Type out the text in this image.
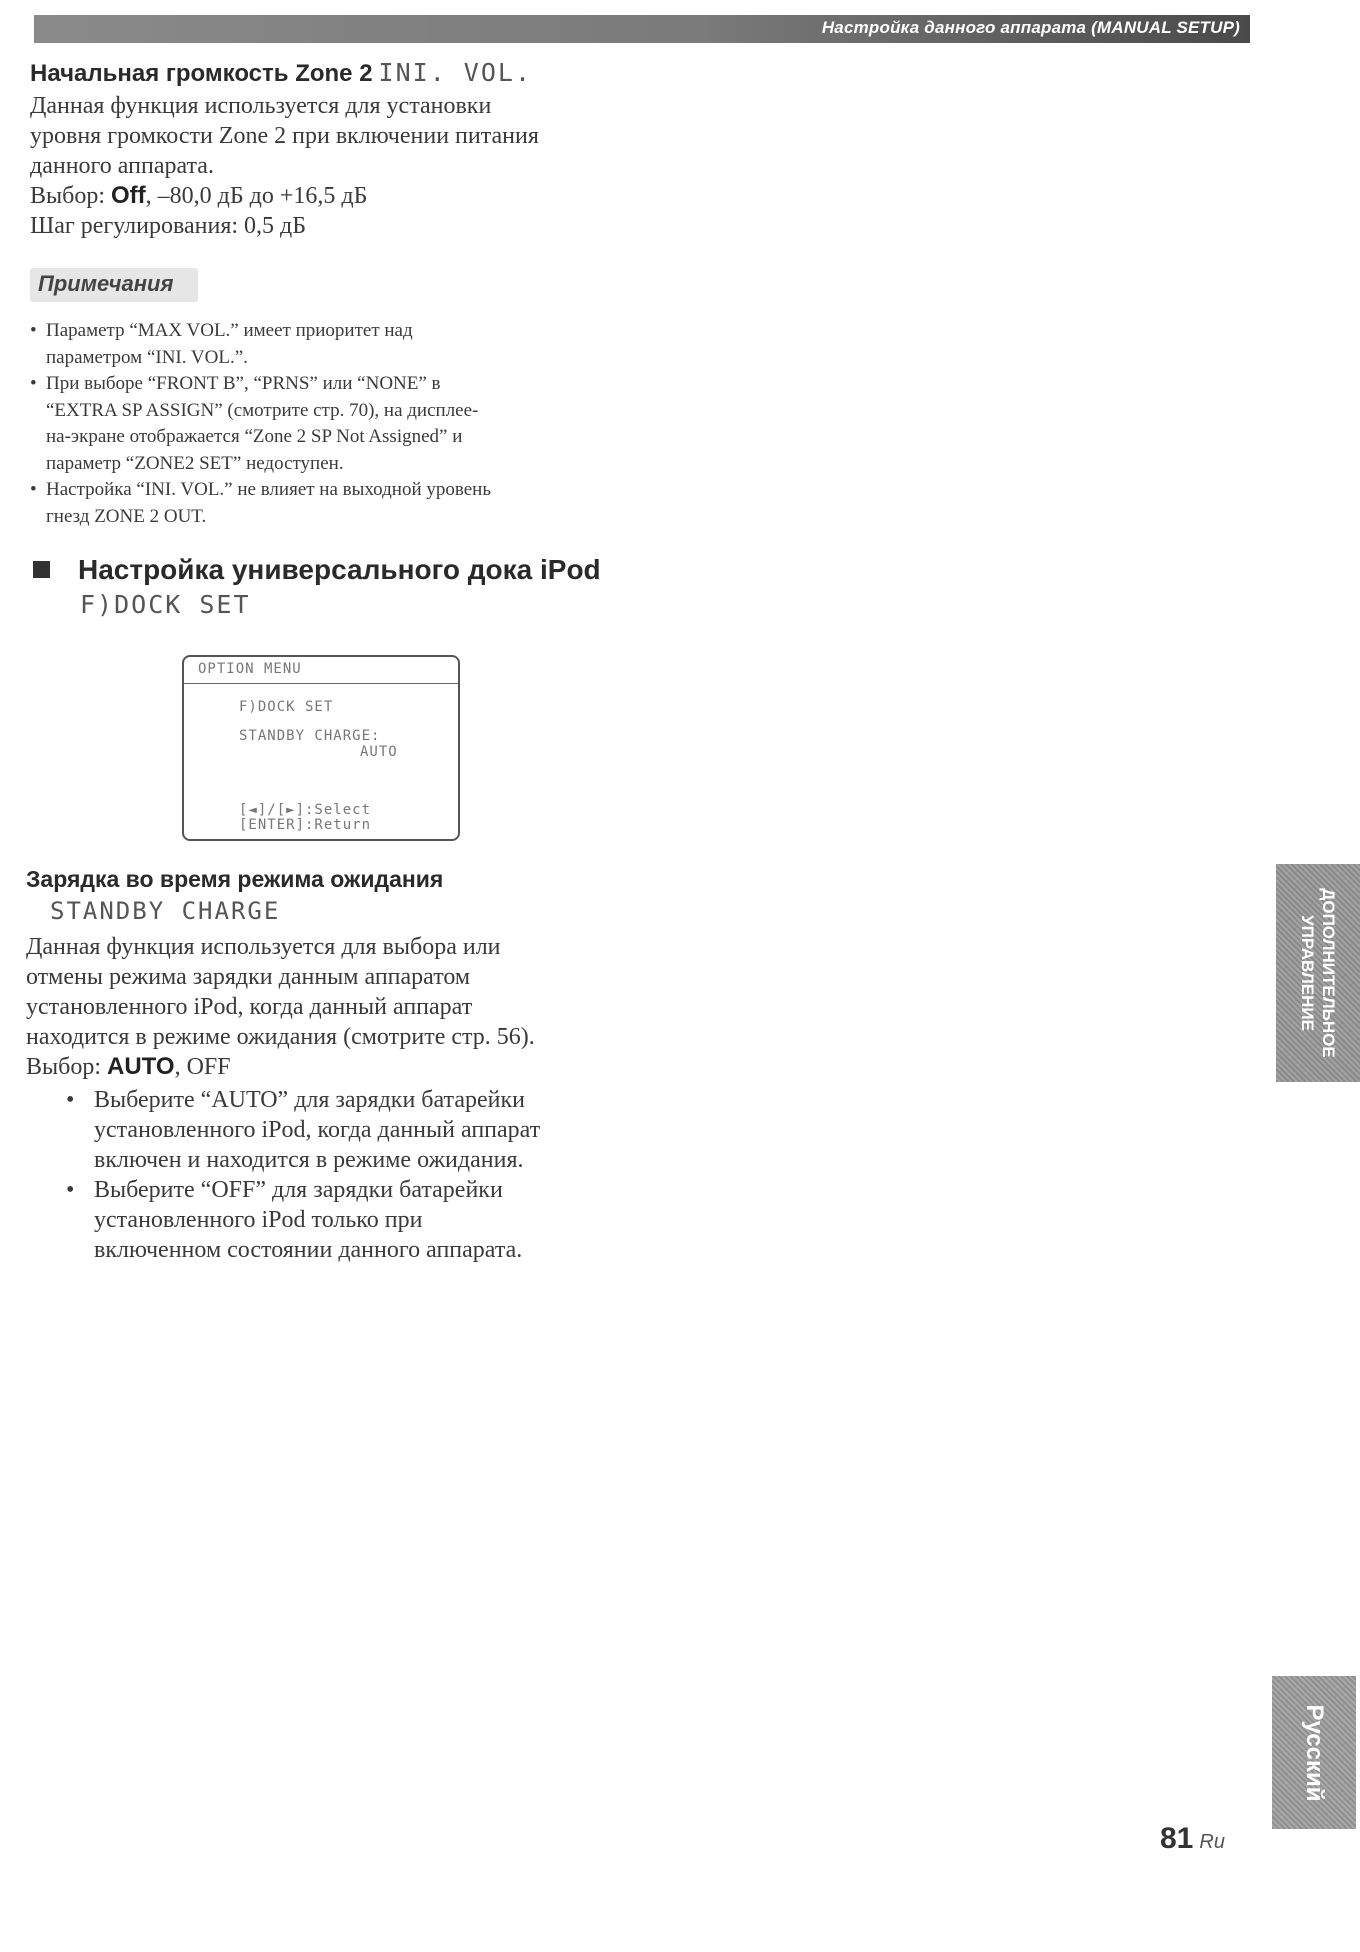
Настройка данного аппарата (MANUAL SETUP)
Начальная громкость Zone 2 INI. VOL.

Данная функция используется для установки

уровня громкости Zone 2 при включении питания

данного аппарата.

Выбор: Off, –80,0 дБ до +16,5 дБ

Шаг регулирования: 0,5 дБ

Примечания
• Параметр “MAX VOL.” имеет приоритет над
параметром “INI. VOL.”.
• При выборе “FRONT B”, “PRNS” или “NONE” в
“EXTRA SP ASSIGN” (смотрите стр. 70), на дисплее-
на-экране отображается “Zone 2 SP Not Assigned” и
параметр “ZONE2 SET” недоступен.
• Настройка “INI. VOL.” не влияет на выходной уровень
гнезд ZONE 2 OUT.
Настройка универсального дока iPod
F)DOCK SET
OPTION MENU
F)DOCK SET
STANDBY CHARGE:
AUTO
[◄]/[►]:Select
[ENTER]:Return
Зарядка во время режима ожидания
STANDBY CHARGE

Данная функция используется для выбора или

отмены режима зарядки данным аппаратом

установленного iPod, когда данный аппарат

находится в режиме ожидания (смотрите стр. 56).

Выбор: AUTO, OFF

• Выберите “AUTO” для зарядки батарейки
установленного iPod, когда данный аппарат
включен и находится в режиме ожидания.
• Выберите “OFF” для зарядки батарейки
установленного iPod только при
включенном состоянии данного аппарата.
ДОПОЛНИТЕЛЬНОЕ
УПРАВЛЕНИЕ
Русский
81 Ru
